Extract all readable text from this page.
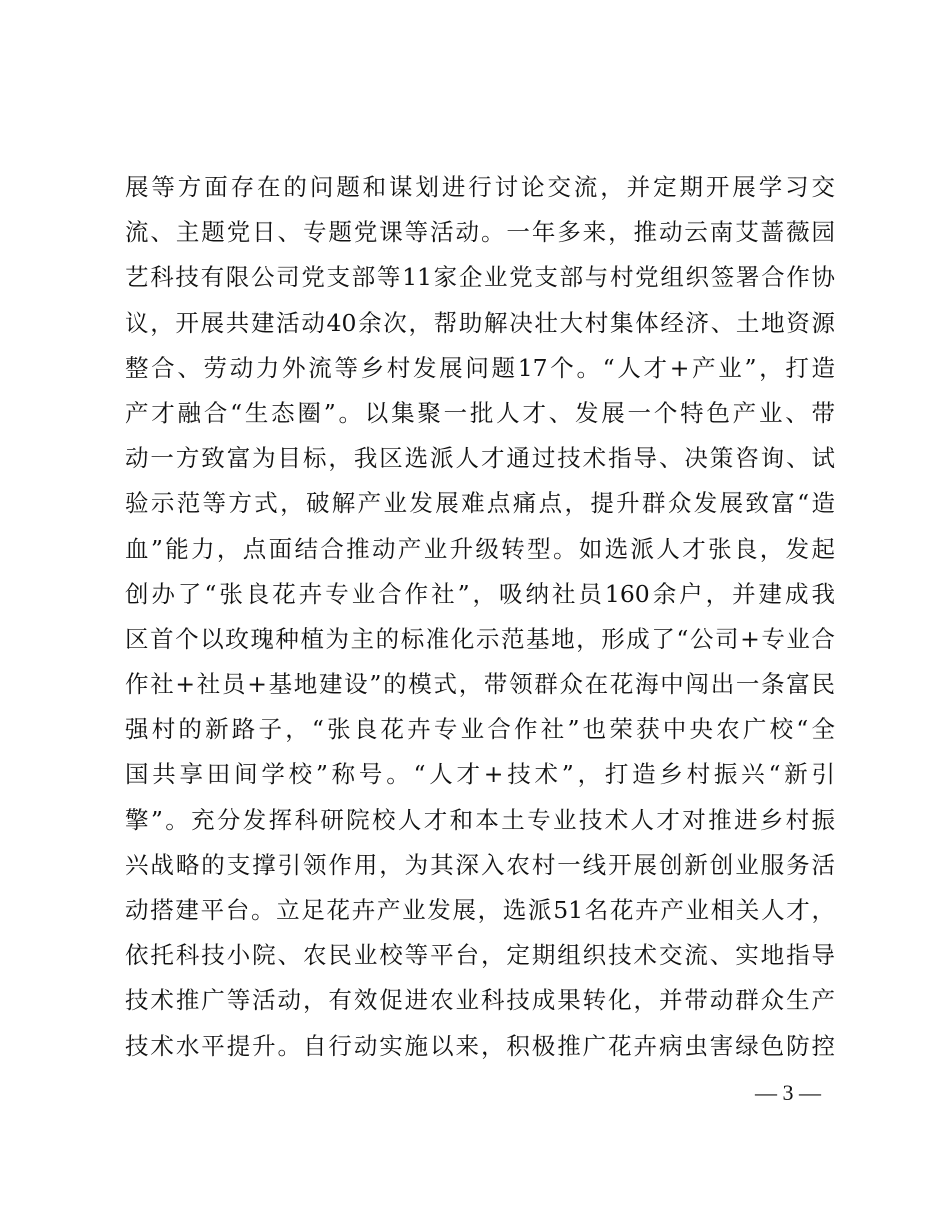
展等方面存在的问题和谋划进行讨论交流，并定期开展学习交
流、主题党日、专题党课等活动。一年多来，推动云南艾蔷薇园
艺科技有限公司党支部等11家企业党支部与村党组织签署合作协
议，开展共建活动40余次，帮助解决壮大村集体经济、土地资源
整合、劳动力外流等乡村发展问题17个。“人才+产业”，打造
产才融合“生态圈”。以集聚一批人才、发展一个特色产业、带
动一方致富为目标，我区选派人才通过技术指导、决策咨询、试
验示范等方式，破解产业发展难点痛点，提升群众发展致富“造
血”能力，点面结合推动产业升级转型。如选派人才张良，发起
创办了“张良花卉专业合作社”，吸纳社员160余户，并建成我
区首个以玫瑰种植为主的标准化示范基地，形成了“公司+专业合
作社+社员+基地建设”的模式，带领群众在花海中闯出一条富民
强村的新路子，“张良花卉专业合作社”也荣获中央农广校“全
国共享田间学校”称号。“人才+技术”，打造乡村振兴“新引
擎”。充分发挥科研院校人才和本土专业技术人才对推进乡村振
兴战略的支撑引领作用，为其深入农村一线开展创新创业服务活
动搭建平台。立足花卉产业发展，选派51名花卉产业相关人才，
依托科技小院、农民业校等平台，定期组织技术交流、实地指导
技术推广等活动，有效促进农业科技成果转化，并带动群众生产
技术水平提升。自行动实施以来，积极推广花卉病虫害绿色防控
— 3 —
